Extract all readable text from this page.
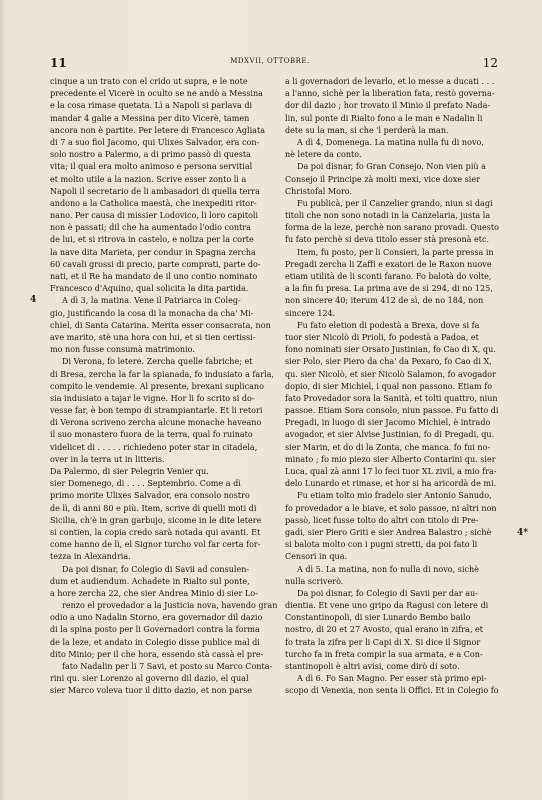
11	MDXVII, OTTOBRE.	12
4
4*
cinque a un trato con el crido ut supra, e le note
precedente el Vicerè in oculto se ne andò a Messina
e la cosa rimase quetata. Lì a Napoli si parlava di
mandar 4 galie a Messina per dito Vicerè, tamen
ancora non è partite. Per letere di Francesco Agliata
di 7 a suo fiol Jacomo, qui Ulixes Salvador, era con-
solo nostro a Palermo, a di primo passò di questa
vita; il qual era molto animoso e persona servitial
et molto utile a la nazion. Scrive esser zonto lì a
Napoli il secretario de li ambasadori di quella terra
andono a la Catholica maestà, che inexpediti ritor-
nano. Per causa di missier Lodovico, li loro capitoli
non è passati; dil che ha aumentado l'odio contra
de lui, et si ritrova in castelo, e noliza per la corte
la nave dita Marieta, per condur in Spagna zercha
60 cavali grossi di precio, parte comprati, parte do-
nati, et il Re ha mandato de il uno contio nominato
Francesco d'Aquino, qual solicita la dita partida.
A dì 3, la matina. Vene il Patriarca in Coleg-
gio, justificando la cosa di la monacha da cha' Mi-
chiel, di Santa Catarina. Merita esser consacrata, non
ave marito, stè una hora con lui, et si tien certissi-
mo non fusse consumà matrimonio.
Di Verona, fo letere. Zercha quelle fabriche; et
di Bresa, zercha la far la spianada, fo indusiato a farla,
compito le vendemie. Al presente, brexani suplicano
sia indusiato a tajar le vigne. Hor li fo scrito si do-
vesse far, è bon tempo di strampiantarle. Et li retori
di Verona scriveno zercha alcune monache haveano
il suo monastero fuora de la terra, qual fo ruinato
videlicet di . . . . . richiedeno poter star in citadela,
over in la terra ut in litteris.
Da Palermo, di sier Pelegrin Venier qu.
sier Domenego, di . . . . Septembrio. Come a dì
primo morite Ulixes Salvador, era consolo nostro
de lì, di anni 80 e più. Item, scrive di quelli moti di
Sicilia, ch'è in gran garbujo, sicome in le dite letere
si contien, la copia credo sarà notada qui avanti. Et
come hanno de lì, el Signor turcho vol far certa for-
tezza in Alexandria.
Da poi disnar, fo Colegio di Savii ad consulen-
dum et audiendum. Achadete in Rialto sul ponte,
a hore zercha 22, che sier Andrea Minio di sier Lo-
renzo el provedador a la Justicia nova, havendo gran
odio a uno Nadalin Storno, era governador dil dazio
di la spina posto per li Governadori contra la forma
de la leze, et andato in Colegio disse publice mal di
dito Minio; per il che hora, essendo stà cassà el pre-
fato Nadalin per li 7 Savi, et posto su Marco Conta-
rini qu. sier Lorenzo al governo dil dazio, el qual
sier Marco voleva tuor il ditto dazio, et non parse
a li governadori de levarlo, et lo messe a ducati . . .
a l'anno, sichè per la liberation fata, restò governa-
dor dil dazio ; hor trovato il Minio il prefato Nada-
lin, sul ponte di Rialto fono a le man e Nadalin li
dete su la man, si che 'l perderà la man.
A dì 4, Domenega. La matina nulla fu di novo,
nè letere da conto.
Da poi disnar, fo Gran Consejo. Non vien più a
Consejo il Principe zà molti mexi, vice doxe sier
Christofal Moro.
Fu publicà, per il Canzelier grando, niun si dagi
titoli che non sono notadi in la Canzelaria, justa la
forma de la leze, perchè non sarano provadi. Questo
fu fato perchè si deva titolo esser stà presonà etc.
Item, fu posto, per li Consieri, la parte pressa in
Pregadi zercha li Zaffi e exatori de le Raxon nuove
etiam utilità de li sconti farano. Fo balotà do volte,
a la fin fu presa. La prima ave de sì 294, di no 125,
non sincere 40; iterum 412 de sì, de no 184, non
sincere 124.
Fu fato eletion di podestà a Brexa, dove si fa
tuor sier Nicolò di Prioli, fo podestà a Padoa, et
fono nominati sier Orsato Justinian, fo Cao di X, qu.
sier Polo, sier Piero da cha' da Pexaro, fo Cao di X,
qu. sier Nicolò, et sier Nicolò Salamon, fo avogador
dopio, di sier Michiel, i qual non passono. Etiam fo
fato Provedador sora la Sanità, et tolti quattro, niun
passoe. Etiam Sora consolo, niun passoe. Fu fatto di
Pregadi, in luogo di sier Jacomo Michiel, è intrado
avogador, et sier Alvise Justinian, fo di Pregadi, qu.
sier Marin, et do di la Zonta, che manca. fo fui no-
minato ; fo mio piezo sier Alberto Contarini qu. sier
Luca, qual zà anni 17 lo feci tuor XL zivil, a mio fra-
delo Lunardo et rimase, et hor si ha aricordà de mi.
Fu etiam tolto mio fradelo sier Antonio Sanudo,
fo provedador a le biave, et solo passoe, ni altri non
passò, licet fusse tolto do altri con titolo di Pre-
gadi, sier Piero Griti e sier Andrea Balastro ; sichè
si balota molto con i pugni stretti, da poi fato li
Censori in qua.
A dì 5. La matina, non fo nulla di novo, sichè
nulla scriverò.
Da poi disnar, fo Colegio di Savii per dar au-
dientia. Et vene uno gripo da Ragusi con letere di
Constantinopoli, di sier Lunardo Bembo bailo
nostro, di 20 et 27 Avosto, qual erano in zifra, et
fo trata la zifra per li Capi di X. Si dice il Signor
turcho fa in freta compir la sua armata, e a Con-
stantinopoli è altri avisi, come dirò di soto.
A dì 6. Fo San Magno. Per esser stà primo epi-
scopo di Venexia, non senta li Offici. Et in Colegio fo
